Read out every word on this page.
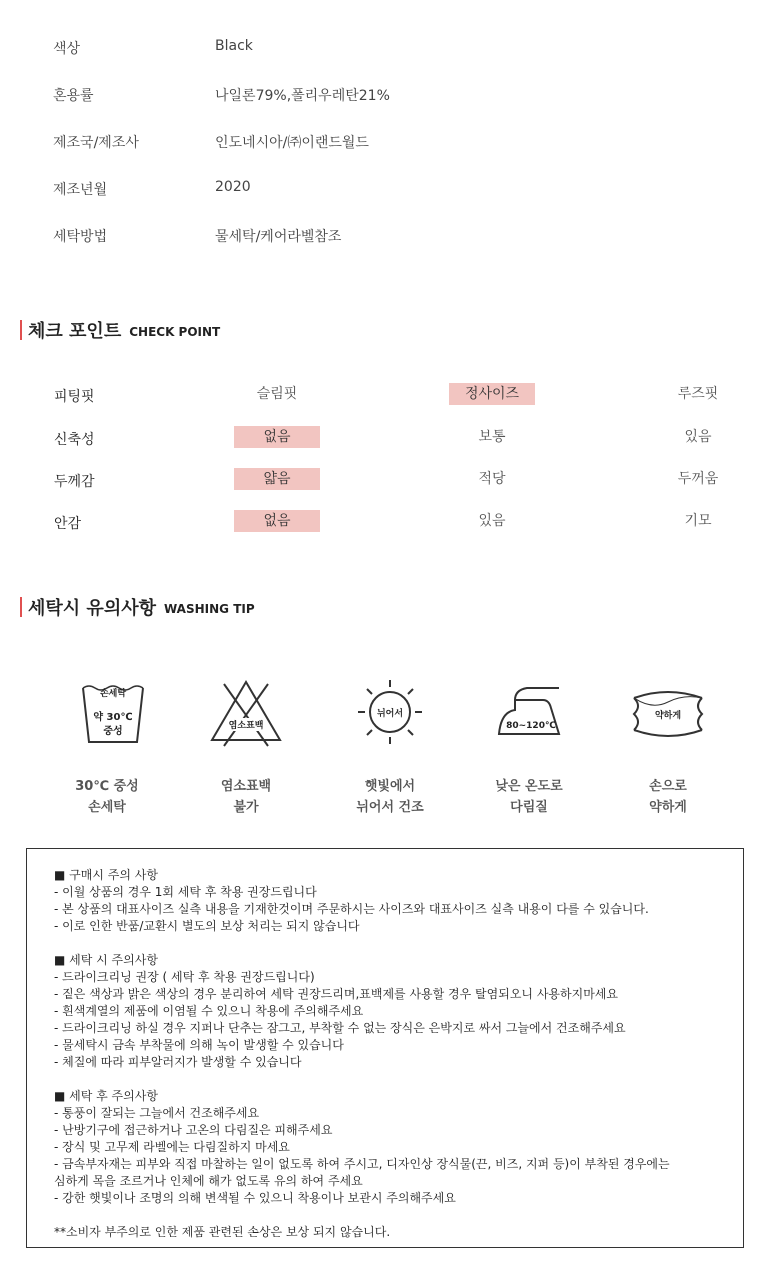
색상	Black
혼용률	나일론79%,폴리우레탄21%
제조국/제조사	인도네시아/㈜이랜드월드
제조년월	2020
세탁방법	물세탁/케어라벨참조
체크 포인트 CHECK POINT
피팅핏	슬림핏	정사이즈	루즈핏
신축성	없음	보통	있음
두께감	얇음	적당	두꺼움
안감	없음	있음	기모
세탁시 유의사항 WASHING TIP
손세탁
약 30℃
중성	염소표백
뉘어서
80~120℃
약하게
30℃ 중성
손세탁
염소표백
불가
햇빛에서
뉘어서 건조
낮은 온도로
다림질
손으로
약하게
■ 구매시 주의 사항
- 이월 상품의 경우 1회 세탁 후 착용 권장드립니다
- 본 상품의 대표사이즈 실측 내용을 기재한것이며 주문하시는 사이즈와 대표사이즈 실측 내용이 다를 수 있습니다.
- 이로 인한 반품/교환시 별도의 보상 처리는 되지 않습니다
■ 세탁 시 주의사항
- 드라이크리닝 권장 ( 세탁 후 착용 권장드립니다)
- 짙은 색상과 밝은 색상의 경우 분리하여 세탁 권장드리며,표백제를 사용할 경우 탈염되오니 사용하지마세요
- 흰색계열의 제품에 이염될 수 있으니 착용에 주의해주세요
- 드라이크리닝 하실 경우 지퍼나 단추는 잠그고, 부착할 수 없는 장식은 은박지로 싸서 그늘에서 건조해주세요
- 물세탁시 금속 부착물에 의해 녹이 발생할 수 있습니다
- 체질에 따라 피부알러지가 발생할 수 있습니다
■ 세탁 후 주의사항
- 통풍이 잘되는 그늘에서 건조해주세요
- 난방기구에 접근하거나 고온의 다림질은 피해주세요
- 장식 및 고무제 라벨에는 다림질하지 마세요
- 금속부자재는 피부와 직접 마찰하는 일이 없도록 하여 주시고, 디자인상 장식물(끈, 비즈, 지퍼 등)이 부착된 경우에는
심하게 목을 조르거나 인체에 해가 없도록 유의 하여 주세요
- 강한 햇빛이나 조명의 의해 변색될 수 있으니 착용이나 보관시 주의해주세요
**소비자 부주의로 인한 제품 관련된 손상은 보상 되지 않습니다.
